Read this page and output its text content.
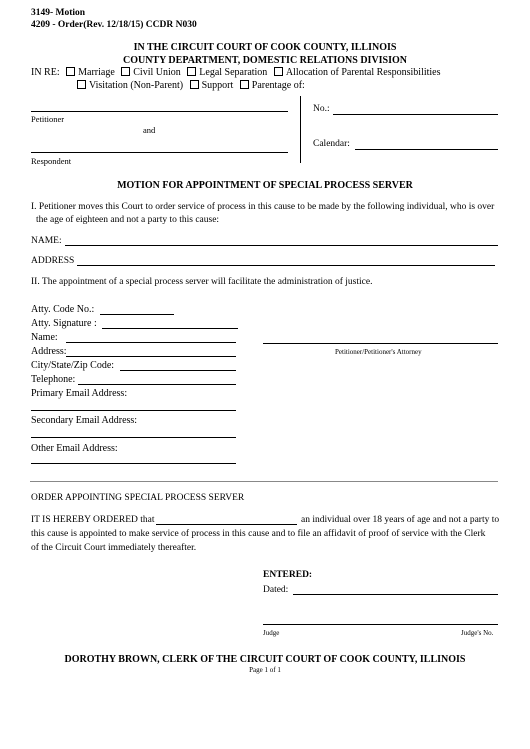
3149- Motion
4209 - Order(Rev. 12/18/15) CCDR N030
IN THE CIRCUIT COURT OF COOK COUNTY, ILLINOIS
COUNTY DEPARTMENT, DOMESTIC RELATIONS DIVISION
IN RE: Marriage Civil Union Legal Separation Allocation of Parental Responsibilities
Visitation (Non-Parent) Support Parentage of:
Petitioner
and
Respondent
No.:
Calendar:
MOTION FOR APPOINTMENT OF SPECIAL PROCESS SERVER
I. Petitioner moves this Court to order service of process in this cause to be made by the following individual, who is over
the age of eighteen and not a party to this cause:
NAME:
ADDRESS
II. The appointment of a special process server will facilitate the administration of justice.
Atty. Code No.:
Atty. Signature :
Name:
Address:
City/State/Zip Code:
Telephone:
Primary Email Address:
Secondary Email Address:
Other Email Address:
Petitioner/Petitioner's Attorney
ORDER APPOINTING SPECIAL PROCESS SERVER
IT IS HEREBY ORDERED that	an individual over 18 years of age and not a party to
this cause is appointed to make service of process in this cause and to file an affidavit of proof of service with the Clerk
of the Circuit Court immediately thereafter.
ENTERED:
Dated:
Judge	Judge's No.
DOROTHY BROWN, CLERK OF THE CIRCUIT COURT OF COOK COUNTY, ILLINOIS
Page 1 of 1
